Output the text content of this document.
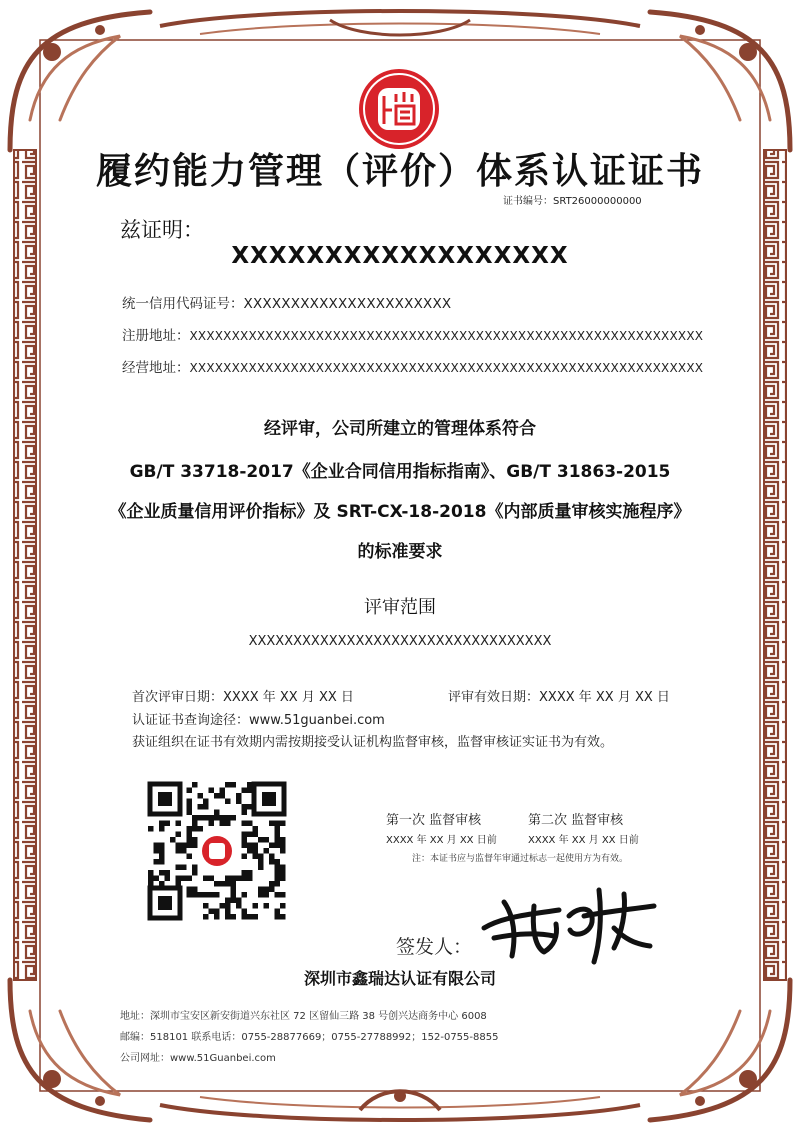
履约能力管理（评价）体系认证证书
证书编号：SRT26000000000
兹证明：
XXXXXXXXXXXXXXXXXX
统一信用代码证号：XXXXXXXXXXXXXXXXXXXXXX
注册地址：XXXXXXXXXXXXXXXXXXXXXXXXXXXXXXXXXXXXXXXXXXXXXXXXXXXXXXXXXXXXX
经营地址：XXXXXXXXXXXXXXXXXXXXXXXXXXXXXXXXXXXXXXXXXXXXXXXXXXXXXXXXXXXXX
经评审，公司所建立的管理体系符合
GB/T 33718-2017《企业合同信用指标指南》、GB/T 31863-2015
《企业质量信用评价指标》及 SRT-CX-18-2018《内部质量审核实施程序》
的标准要求
评审范围
XXXXXXXXXXXXXXXXXXXXXXXXXXXXXXXXXX
首次评审日期：XXXX 年 XX 月 XX 日	评审有效日期：XXXX 年 XX 月 XX 日
认证证书查询途径：www.51guanbei.com
获证组织在证书有效期内需按期接受认证机构监督审核，监督审核证实证书为有效。
第一次 监督审核	第二次 监督审核
XXXX 年 XX 月 XX 日前	XXXX 年 XX 月 XX 日前
注：本证书应与监督年审通过标志一起使用方为有效。
签发人：
深圳市鑫瑞达认证有限公司
地址：深圳市宝安区新安街道兴东社区 72 区留仙三路 38 号创兴达商务中心 6008
邮编：518101 联系电话：0755-28877669；0755-27788992；152-0755-8855
公司网址：www.51Guanbei.com
